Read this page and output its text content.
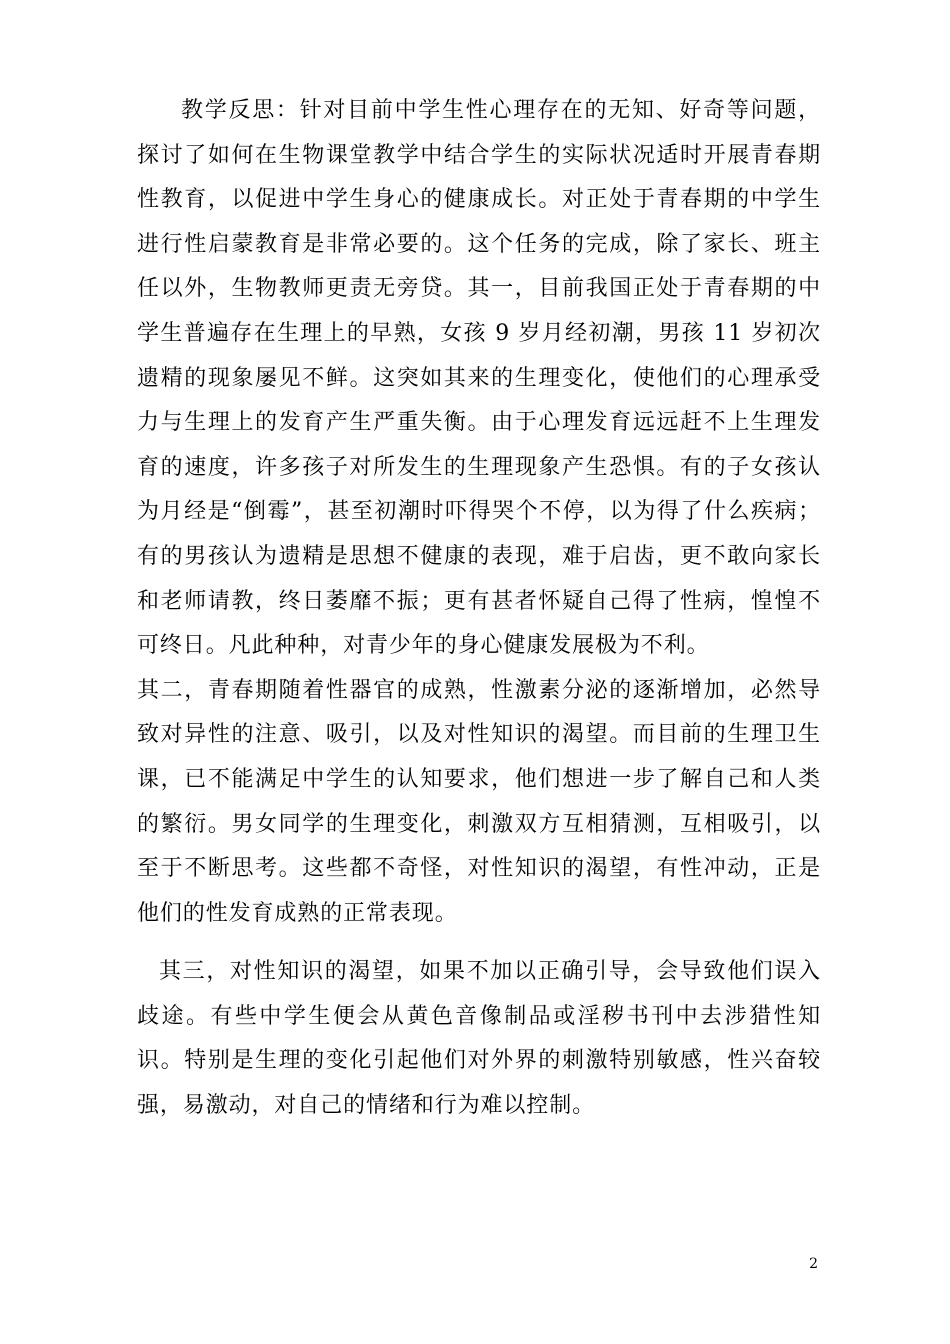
教学反思：针对目前中学生性心理存在的无知、好奇等问题，探讨了如何在生物课堂教学中结合学生的实际状况适时开展青春期性教育，以促进中学生身心的健康成长。对正处于青春期的中学生进行性启蒙教育是非常必要的。这个任务的完成，除了家长、班主任以外，生物教师更责无旁贷。其一，目前我国正处于青春期的中学生普遍存在生理上的早熟，女孩 9 岁月经初潮，男孩 11 岁初次遗精的现象屡见不鲜。这突如其来的生理变化，使他们的心理承受力与生理上的发育产生严重失衡。由于心理发育远远赶不上生理发育的速度，许多孩子对所发生的生理现象产生恐惧。有的子女孩认为月经是“倒霉”，甚至初潮时吓得哭个不停，以为得了什么疾病；有的男孩认为遗精是思想不健康的表现，难于启齿，更不敢向家长和老师请教，终日萎靡不振；更有甚者怀疑自己得了性病，惶惶不可终日。凡此种种，对青少年的身心健康发展极为不利。

其二，青春期随着性器官的成熟，性激素分泌的逐渐增加，必然导致对异性的注意、吸引，以及对性知识的渴望。而目前的生理卫生课，已不能满足中学生的认知要求，他们想进一步了解自己和人类的繁衍。男女同学的生理变化，刺激双方互相猜测，互相吸引，以至于不断思考。这些都不奇怪，对性知识的渴望，有性冲动，正是他们的性发育成熟的正常表现。

其三，对性知识的渴望，如果不加以正确引导，会导致他们误入歧途。有些中学生便会从黄色音像制品或淫秽书刊中去涉猎性知识。特别是生理的变化引起他们对外界的刺激特别敏感，性兴奋较强，易激动，对自己的情绪和行为难以控制。

2
